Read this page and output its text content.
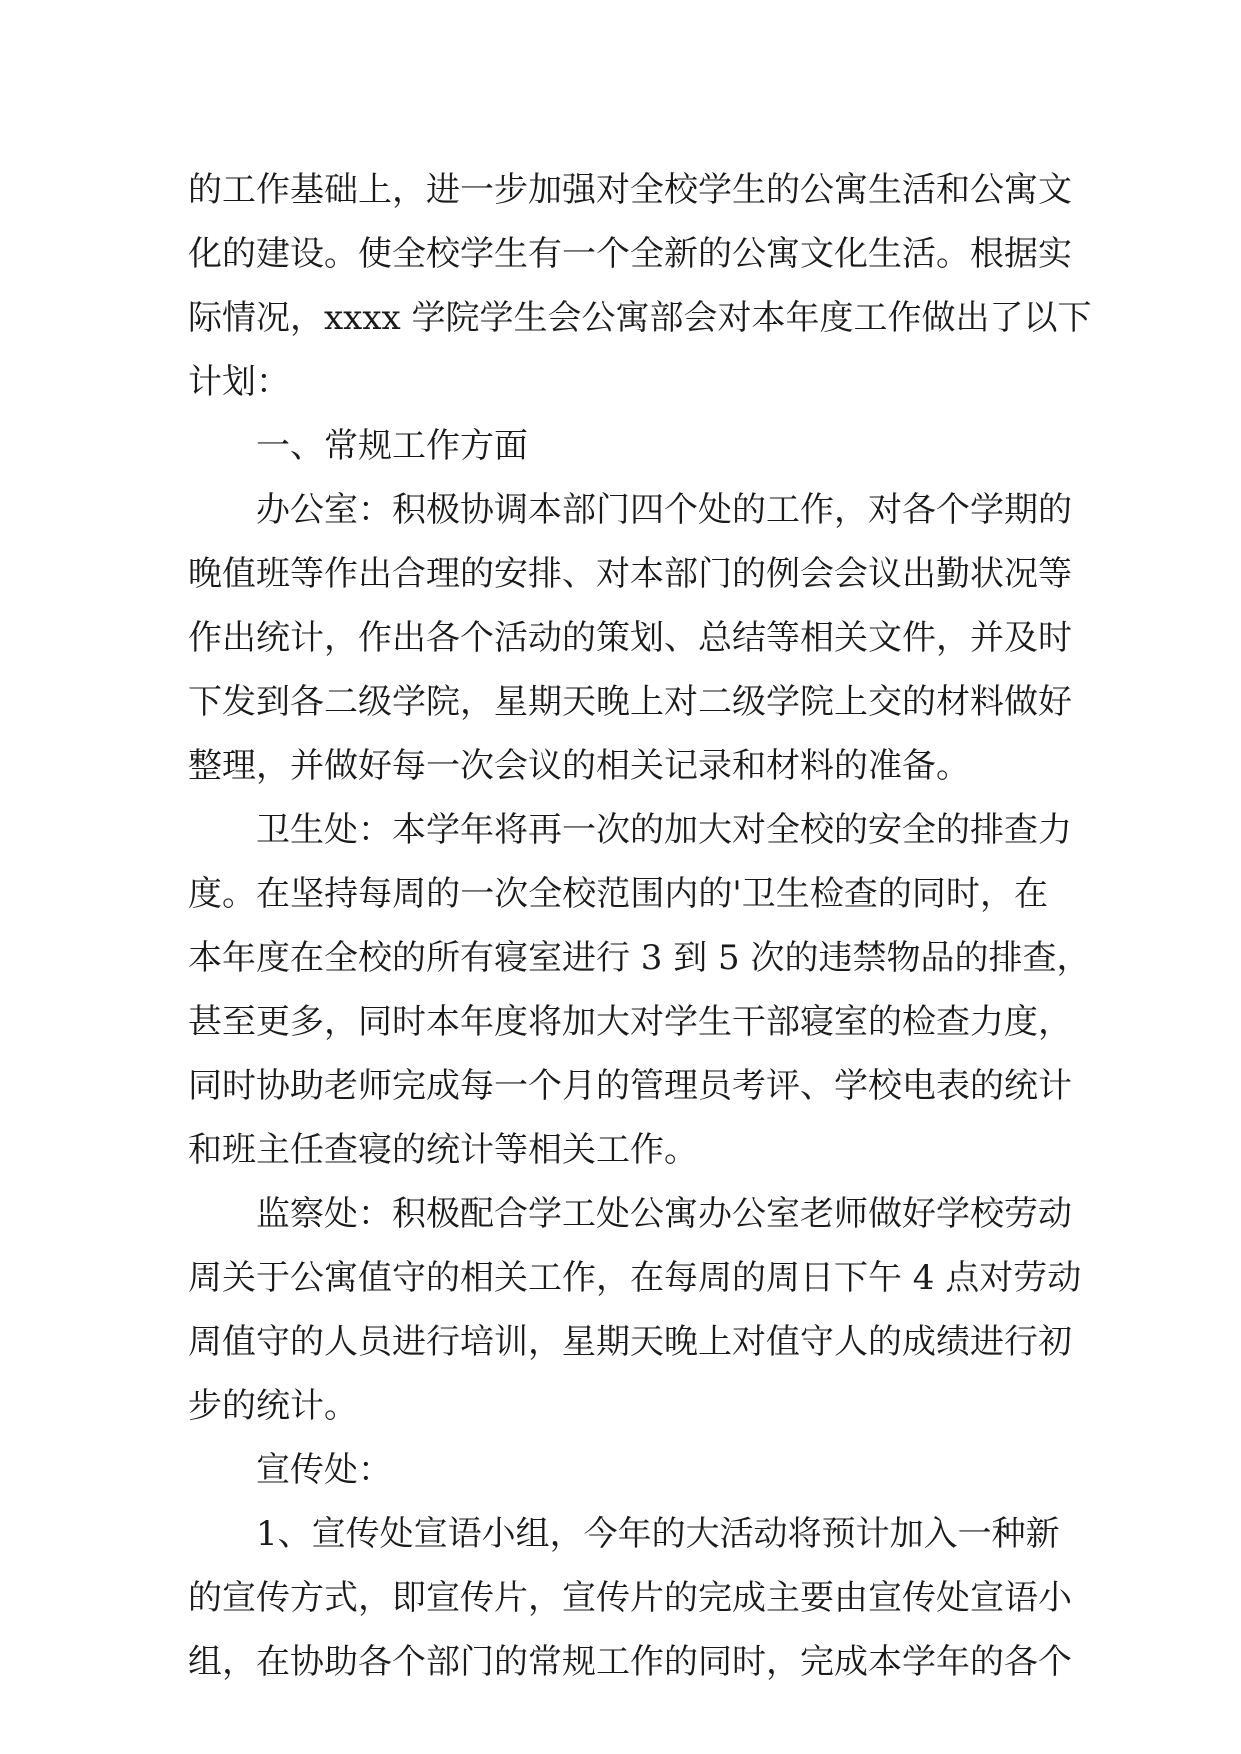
的工作基础上，进一步加强对全校学生的公寓生活和公寓文
化的建设。使全校学生有一个全新的公寓文化生活。根据实
际情况，xxxx 学院学生会公寓部会对本年度工作做出了以下
计划：
一、常规工作方面
办公室：积极协调本部门四个处的工作，对各个学期的
晚值班等作出合理的安排、对本部门的例会会议出勤状况等
作出统计，作出各个活动的策划、总结等相关文件，并及时
下发到各二级学院，星期天晚上对二级学院上交的材料做好
整理，并做好每一次会议的相关记录和材料的准备。
卫生处：本学年将再一次的加大对全校的安全的排查力
度。在坚持每周的一次全校范围内的'卫生检查的同时，在
本年度在全校的所有寝室进行 3 到 5 次的违禁物品的排查，
甚至更多，同时本年度将加大对学生干部寝室的检查力度，
同时协助老师完成每一个月的管理员考评、学校电表的统计
和班主任查寝的统计等相关工作。
监察处：积极配合学工处公寓办公室老师做好学校劳动
周关于公寓值守的相关工作，在每周的周日下午 4 点对劳动
周值守的人员进行培训，星期天晚上对值守人的成绩进行初
步的统计。
宣传处：
1、宣传处宣语小组，今年的大活动将预计加入一种新
的宣传方式，即宣传片，宣传片的完成主要由宣传处宣语小
组，在协助各个部门的常规工作的同时，完成本学年的各个
